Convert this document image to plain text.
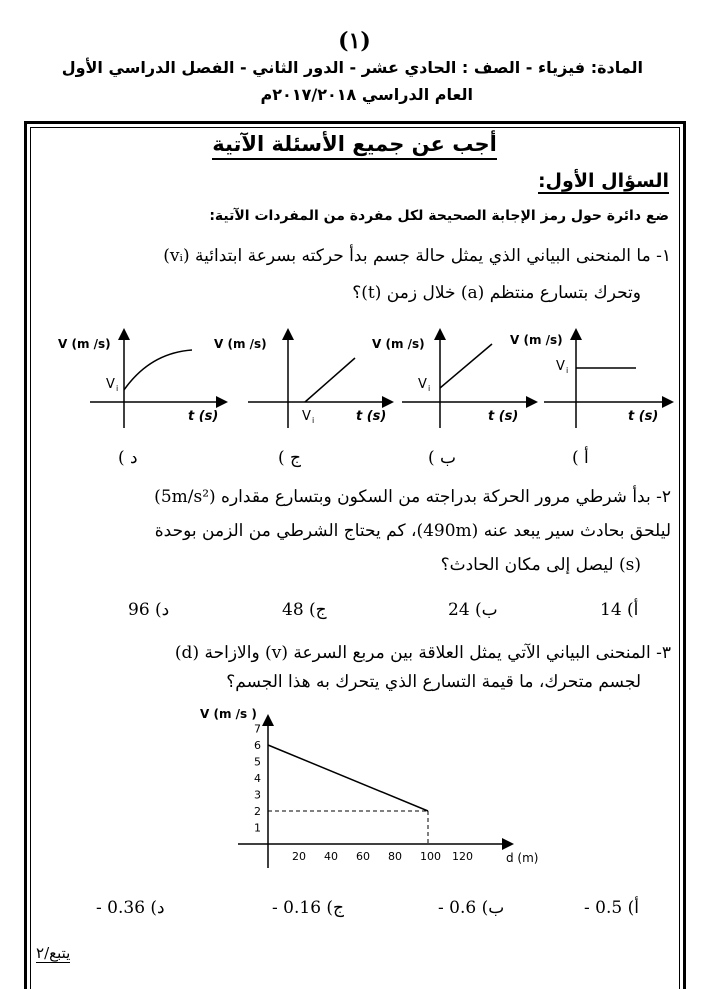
(١)
المادة: فيزياء - الصف : الحادي عشر - الدور الثاني - الفصل الدراسي الأول
العام الدراسي ٢٠١٧/٢٠١٨م
أجب عن جميع الأسئلة الآتية
السؤال الأول:
ضع دائرة حول رمز الإجابة الصحيحة لكل مفردة من المفردات الآتية:
١- ما المنحنى البياني الذي يمثل حالة جسم بدأ حركته بسرعة ابتدائية (vᵢ)
وتحرك بتسارع منتظم (a) خلال زمن (t)؟
V (m /s)
t (s)
V i
V (m /s)
t (s)
V i
V (m /s)
t (s)
V i
V (m /s)
t (s)
V i
د )	ج )	ب )	أ )
٢- بدأ شرطي مرور الحركة بدراجته من السكون وبتسارع مقداره (5m/s²)
ليلحق بحادث سير يبعد عنه (490m)، كم يحتاج الشرطي من الزمن بوحدة
(s) ليصل إلى مكان الحادث؟
د) 96	ج) 48	ب) 24	أ) 14
٣- المنحنى البياني الآتي يمثل العلاقة بين مربع السرعة (v) والازاحة (d)
لجسم متحرك، ما قيمة التسارع الذي يتحرك به هذا الجسم؟
V (m /s )
d (m)
20 40 60 80 100 120
1
2
3
4
5
6
7
د) 0.36 -	ج) 0.16 -	ب) 0.6 -	أ) 0.5 -
يتبع/٢
